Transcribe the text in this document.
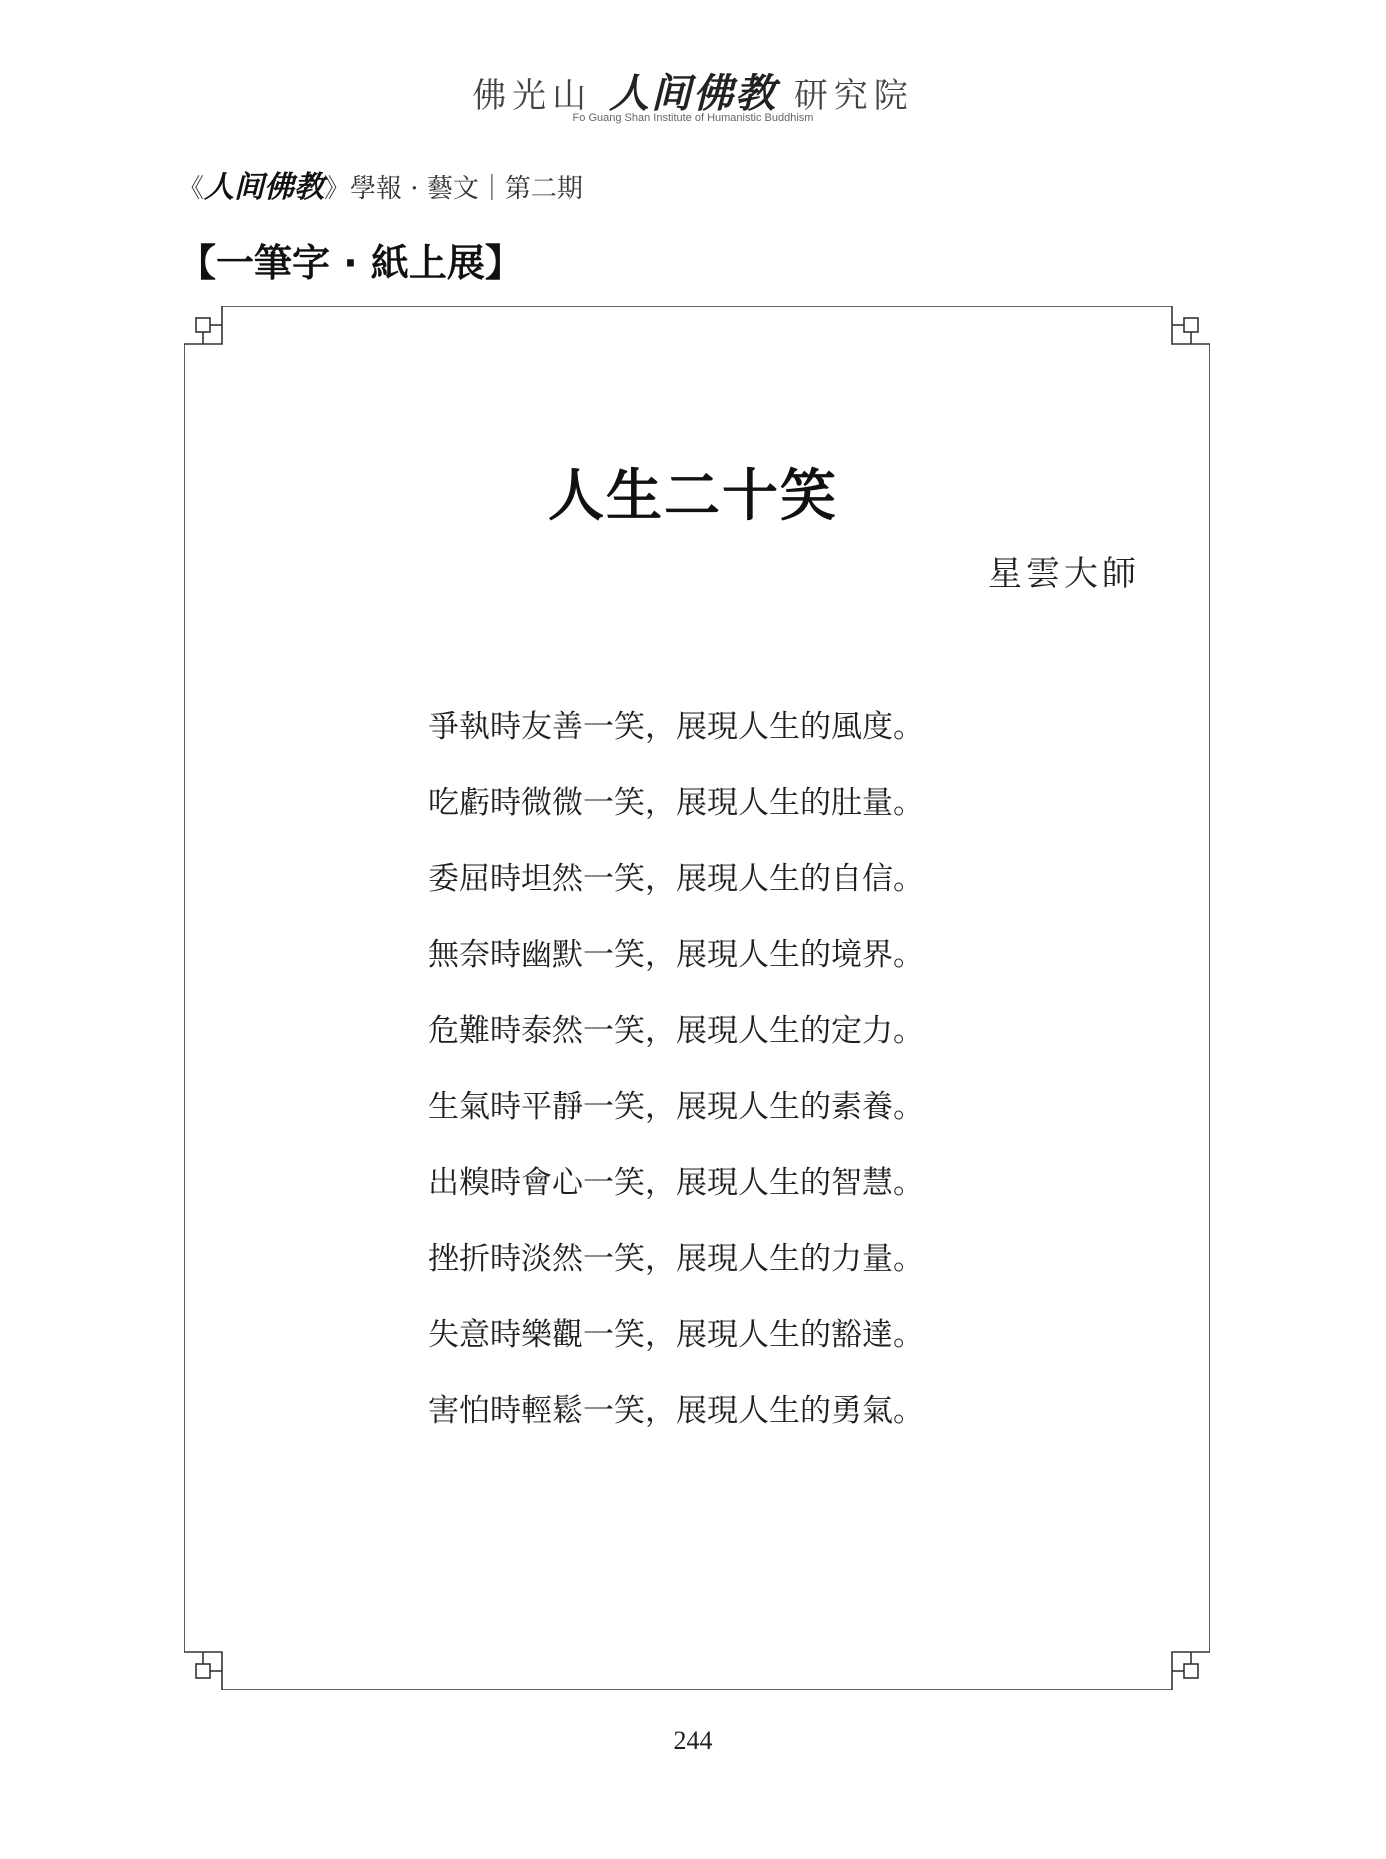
佛光山 人间佛教 研究院
Fo Guang Shan Institute of Humanistic Buddhism
《人间佛教》學報 · 藝文｜第二期
【一筆字 · 紙上展】
人生二十笑
星雲大師
爭執時友善一笑，展現人生的風度。
吃虧時微微一笑，展現人生的肚量。
委屈時坦然一笑，展現人生的自信。
無奈時幽默一笑，展現人生的境界。
危難時泰然一笑，展現人生的定力。
生氣時平靜一笑，展現人生的素養。
出糗時會心一笑，展現人生的智慧。
挫折時淡然一笑，展現人生的力量。
失意時樂觀一笑，展現人生的豁達。
害怕時輕鬆一笑，展現人生的勇氣。
244
